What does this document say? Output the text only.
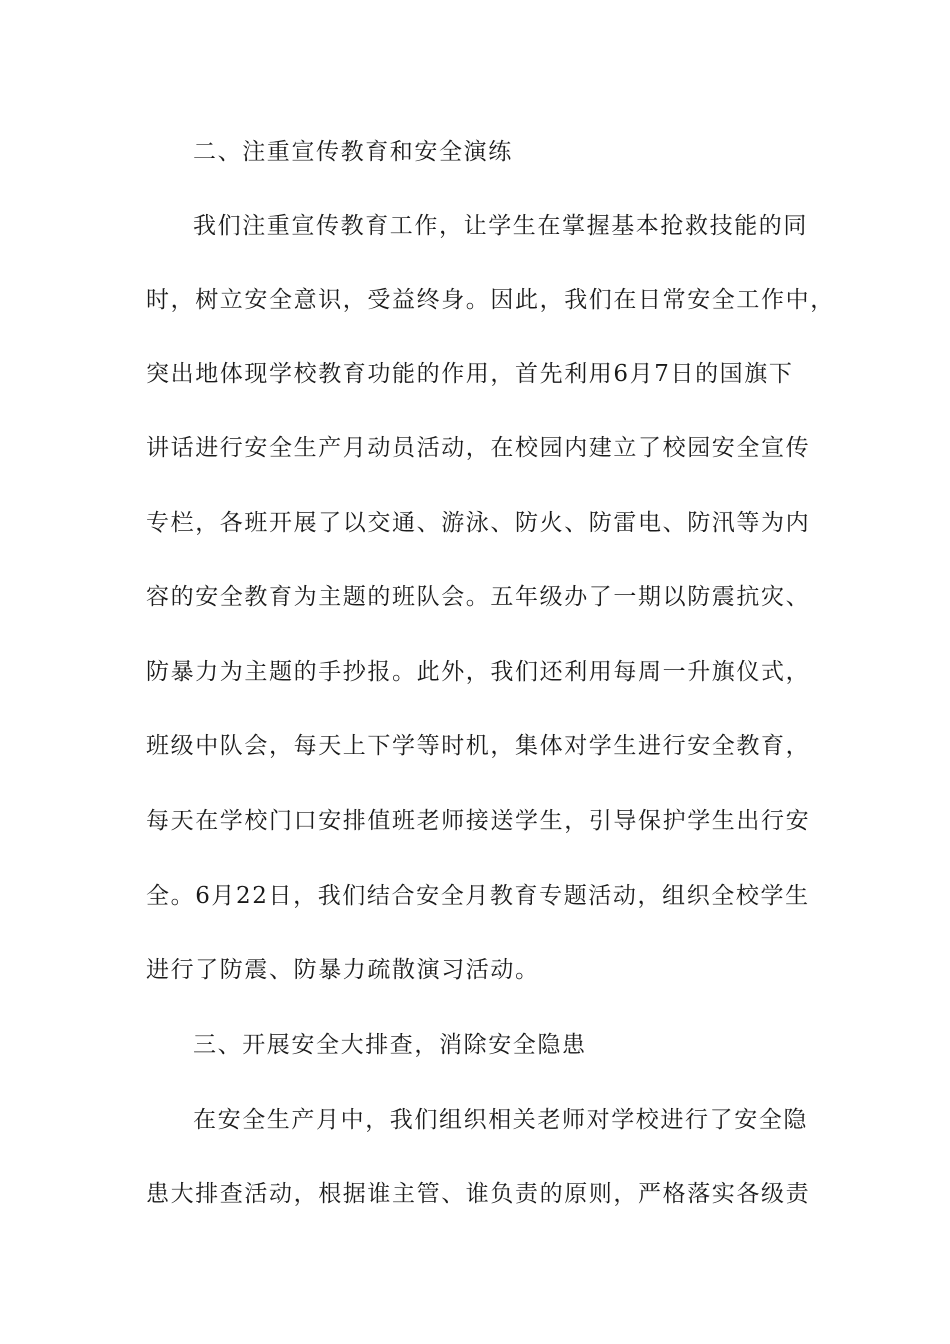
二、注重宣传教育和安全演练
我们注重宣传教育工作，让学生在掌握基本抢救技能的同
时，树立安全意识，受益终身。因此，我们在日常安全工作中，
突出地体现学校教育功能的作用，首先利用6月7日的国旗下
讲话进行安全生产月动员活动，在校园内建立了校园安全宣传
专栏，各班开展了以交通、游泳、防火、防雷电、防汛等为内
容的安全教育为主题的班队会。五年级办了一期以防震抗灾、
防暴力为主题的手抄报。此外，我们还利用每周一升旗仪式，
班级中队会，每天上下学等时机，集体对学生进行安全教育，
每天在学校门口安排值班老师接送学生，引导保护学生出行安
全。6月22日，我们结合安全月教育专题活动，组织全校学生
进行了防震、防暴力疏散演习活动。
三、开展安全大排查，消除安全隐患
在安全生产月中，我们组织相关老师对学校进行了安全隐
患大排查活动，根据谁主管、谁负责的原则，严格落实各级责
